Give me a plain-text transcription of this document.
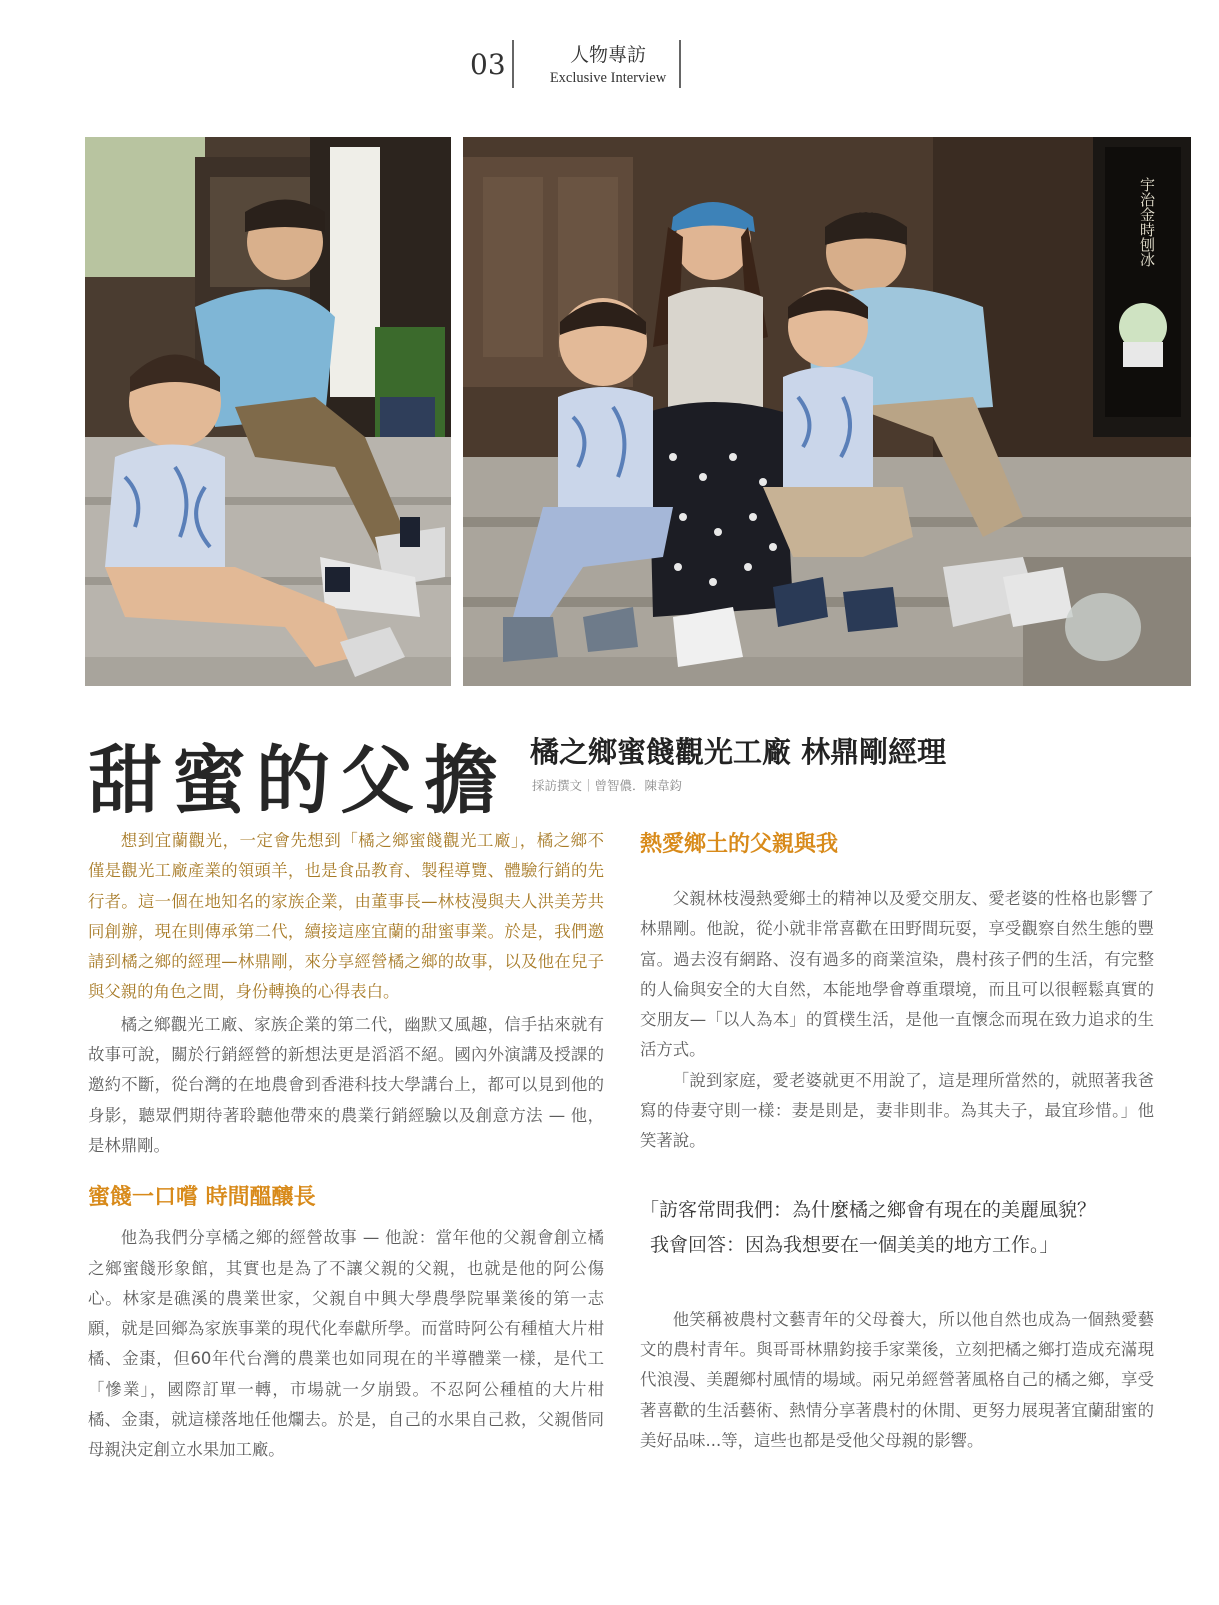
03	人物專訪
Exclusive Interview
宇治金時刨冰
甜蜜的父擔 橘之鄉蜜餞觀光工廠 林鼎剛經理
採訪撰文｜曾智儂．陳韋鈞

想到宜蘭觀光，一定會先想到「橘之鄉蜜餞觀光工廠」，橘之鄉不僅是觀光工廠產業的領頭羊，也是食品教育、製程導覽、體驗行銷的先行者。這一個在地知名的家族企業，由董事長—林枝漫與夫人洪美芳共同創辦，現在則傳承第二代，續接這座宜蘭的甜蜜事業。於是，我們邀請到橘之鄉的經理—林鼎剛，來分享經營橘之鄉的故事，以及他在兒子與父親的角色之間，身份轉換的心得表白。

橘之鄉觀光工廠、家族企業的第二代，幽默又風趣，信手拈來就有故事可說，關於行銷經營的新想法更是滔滔不絕。國內外演講及授課的邀約不斷，從台灣的在地農會到香港科技大學講台上，都可以見到他的身影，聽眾們期待著聆聽他帶來的農業行銷經驗以及創意方法 — 他，是林鼎剛。

蜜餞一口嚐 時間醞釀長

他為我們分享橘之鄉的經營故事 — 他說：當年他的父親會創立橘之鄉蜜餞形象館，其實也是為了不讓父親的父親，也就是他的阿公傷心。林家是礁溪的農業世家，父親自中興大學農學院畢業後的第一志願，就是回鄉為家族事業的現代化奉獻所學。而當時阿公有種植大片柑橘、金棗，但60年代台灣的農業也如同現在的半導體業一樣，是代工「慘業」，國際訂單一轉，市場就一夕崩毀。不忍阿公種植的大片柑橘、金棗，就這樣落地任他爛去。於是，自己的水果自己救，父親偕同母親決定創立水果加工廠。

熱愛鄉土的父親與我

父親林枝漫熱愛鄉土的精神以及愛交朋友、愛老婆的性格也影響了林鼎剛。他說，從小就非常喜歡在田野間玩耍，享受觀察自然生態的豐富。過去沒有網路、沒有過多的商業渲染，農村孩子們的生活，有完整的人倫與安全的大自然，本能地學會尊重環境，而且可以很輕鬆真實的交朋友—「以人為本」的質樸生活，是他一直懷念而現在致力追求的生活方式。

「說到家庭，愛老婆就更不用說了，這是理所當然的，就照著我爸寫的侍妻守則一樣：妻是則是，妻非則非。為其夫子，最宜珍惜。」他笑著說。

「訪客常問我們：為什麼橘之鄉會有現在的美麗風貌？
我會回答：因為我想要在一個美美的地方工作。」

他笑稱被農村文藝青年的父母養大，所以他自然也成為一個熱愛藝文的農村青年。與哥哥林鼎鈞接手家業後，立刻把橘之鄉打造成充滿現代浪漫、美麗鄉村風情的場域。兩兄弟經營著風格自己的橘之鄉，享受著喜歡的生活藝術、熱情分享著農村的休閒、更努力展現著宜蘭甜蜜的美好品味...等，這些也都是受他父母親的影響。
